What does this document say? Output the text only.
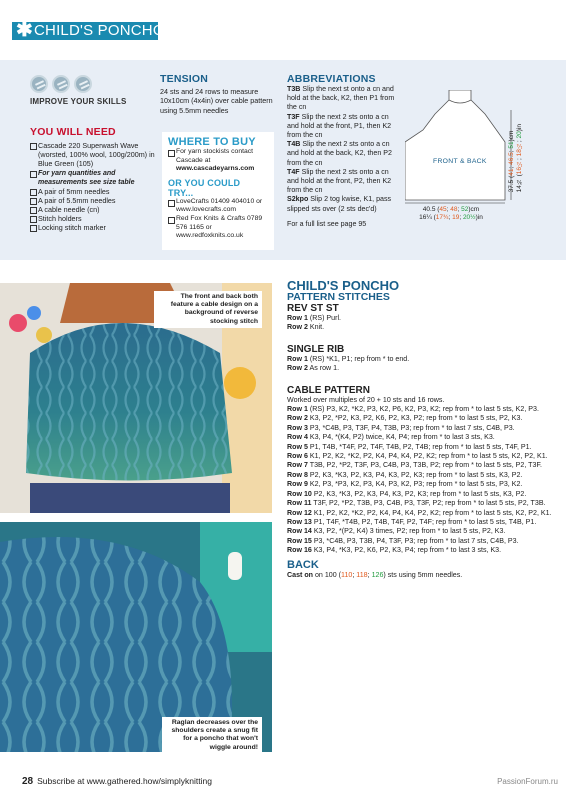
✱ CHILD'S PONCHO
IMPROVE YOUR SKILLS
YOU WILL NEED
Cascade 220 Superwash Wave (worsted, 100% wool, 100g/200m) in Blue Green (105)
For yarn quantities and measurements see size table
A pair of 5mm needles
A pair of 5.5mm needles
A cable needle (cn)
Stitch holders
Locking stitch marker
TENSION

24 sts and 24 rows to measure 10x10cm (4x4in) over cable pattern using 5.5mm needles

WHERE TO BUY
For yarn stockists contact Cascade at www.cascadeyarns.com
OR YOU COULD TRY...
LoveCrafts 01409 404010 or www.lovecrafts.com
Red Fox Knits & Crafts 0789 576 1165 or www.redfoxknits.co.uk
ABBREVIATIONS

T3B Slip the next st onto a cn and hold at the back, K2, then P1 from the cn

T3F Slip the next 2 sts onto a cn and hold at the front, P1, then K2 from the cn

T4B Slip the next 2 sts onto a cn and hold at the back, K2, then P2 from the cn

T4F Slip the next 2 sts onto a cn and hold at the front, P2, then K2 from the cn

S2kpo Slip 2 tog kwise, K1, pass slipped sts over (2 sts dec'd)

For a full list see page 95

FRONT & BACK
40.5 (45; 48; 52)cm
16¼ (17¾; 19; 20½)in
37.5 (41; 46.5; 51)cm
14¾ (16¼; 18¼; 20)in
The front and back both feature a cable design on a background of reverse stocking stitch
Raglan decreases over the shoulders create a snug fit for a poncho that won't wiggle around!
CHILD'S PONCHO
PATTERN STITCHES
REV ST ST
Row 1 (RS) Purl.
Row 2 Knit.
SINGLE RIB
Row 1 (RS) *K1, P1; rep from * to end.
Row 2 As row 1.
CABLE PATTERN
Worked over multiples of 20 + 10 sts and 16 rows.
Row 1 (RS) P3, K2, *K2, P3, K2, P6, K2, P3, K2; rep from * to last 5 sts, K2, P3.
Row 2 K3, P2, *P2, K3, P2, K6, P2, K3, P2; rep from * to last 5 sts, P2, K3.
Row 3 P3, *C4B, P3, T3F, P4, T3B, P3; rep from * to last 7 sts, C4B, P3.
Row 4 K3, P4, *(K4, P2) twice, K4, P4; rep from * to last 3 sts, K3.
Row 5 P1, T4B, *T4F, P2, T4F, T4B, P2, T4B; rep from * to last 5 sts, T4F, P1.
Row 6 K1, P2, K2, *K2, P2, K4, P4, K4, P2, K2; rep from * to last 5 sts, K2, P2, K1.
Row 7 T3B, P2, *P2, T3F, P3, C4B, P3, T3B, P2; rep from * to last 5 sts, P2, T3F.
Row 8 P2, K3, *K3, P2, K3, P4, K3, P2, K3; rep from * to last 5 sts, K3, P2.
Row 9 K2, P3, *P3, K2, P3, K4, P3, K2, P3; rep from * to last 5 sts, P3, K2.
Row 10 P2, K3, *K3, P2, K3, P4, K3, P2, K3; rep from * to last 5 sts, K3, P2.
Row 11 T3F, P2, *P2, T3B, P3, C4B, P3, T3F, P2; rep from * to last 5 sts, P2, T3B.
Row 12 K1, P2, K2, *K2, P2, K4, P4, K4, P2, K2; rep from * to last 5 sts, K2, P2, K1.
Row 13 P1, T4F, *T4B, P2, T4B, T4F, P2, T4F; rep from * to last 5 sts, T4B, P1.
Row 14 K3, P2, *(P2, K4) 3 times, P2; rep from * to last 5 sts, P2, K3.
Row 15 P3, *C4B, P3, T3B, P4, T3F, P3; rep from * to last 7 sts, C4B, P3.
Row 16 K3, P4, *K3, P2, K6, P2, K3, P4; rep from * to last 3 sts, K3.
BACK
Cast on on 100 (110; 118; 126) sts using 5mm needles.
28 Subscribe at www.gathered.how/simplyknitting	PassionForum.ru
